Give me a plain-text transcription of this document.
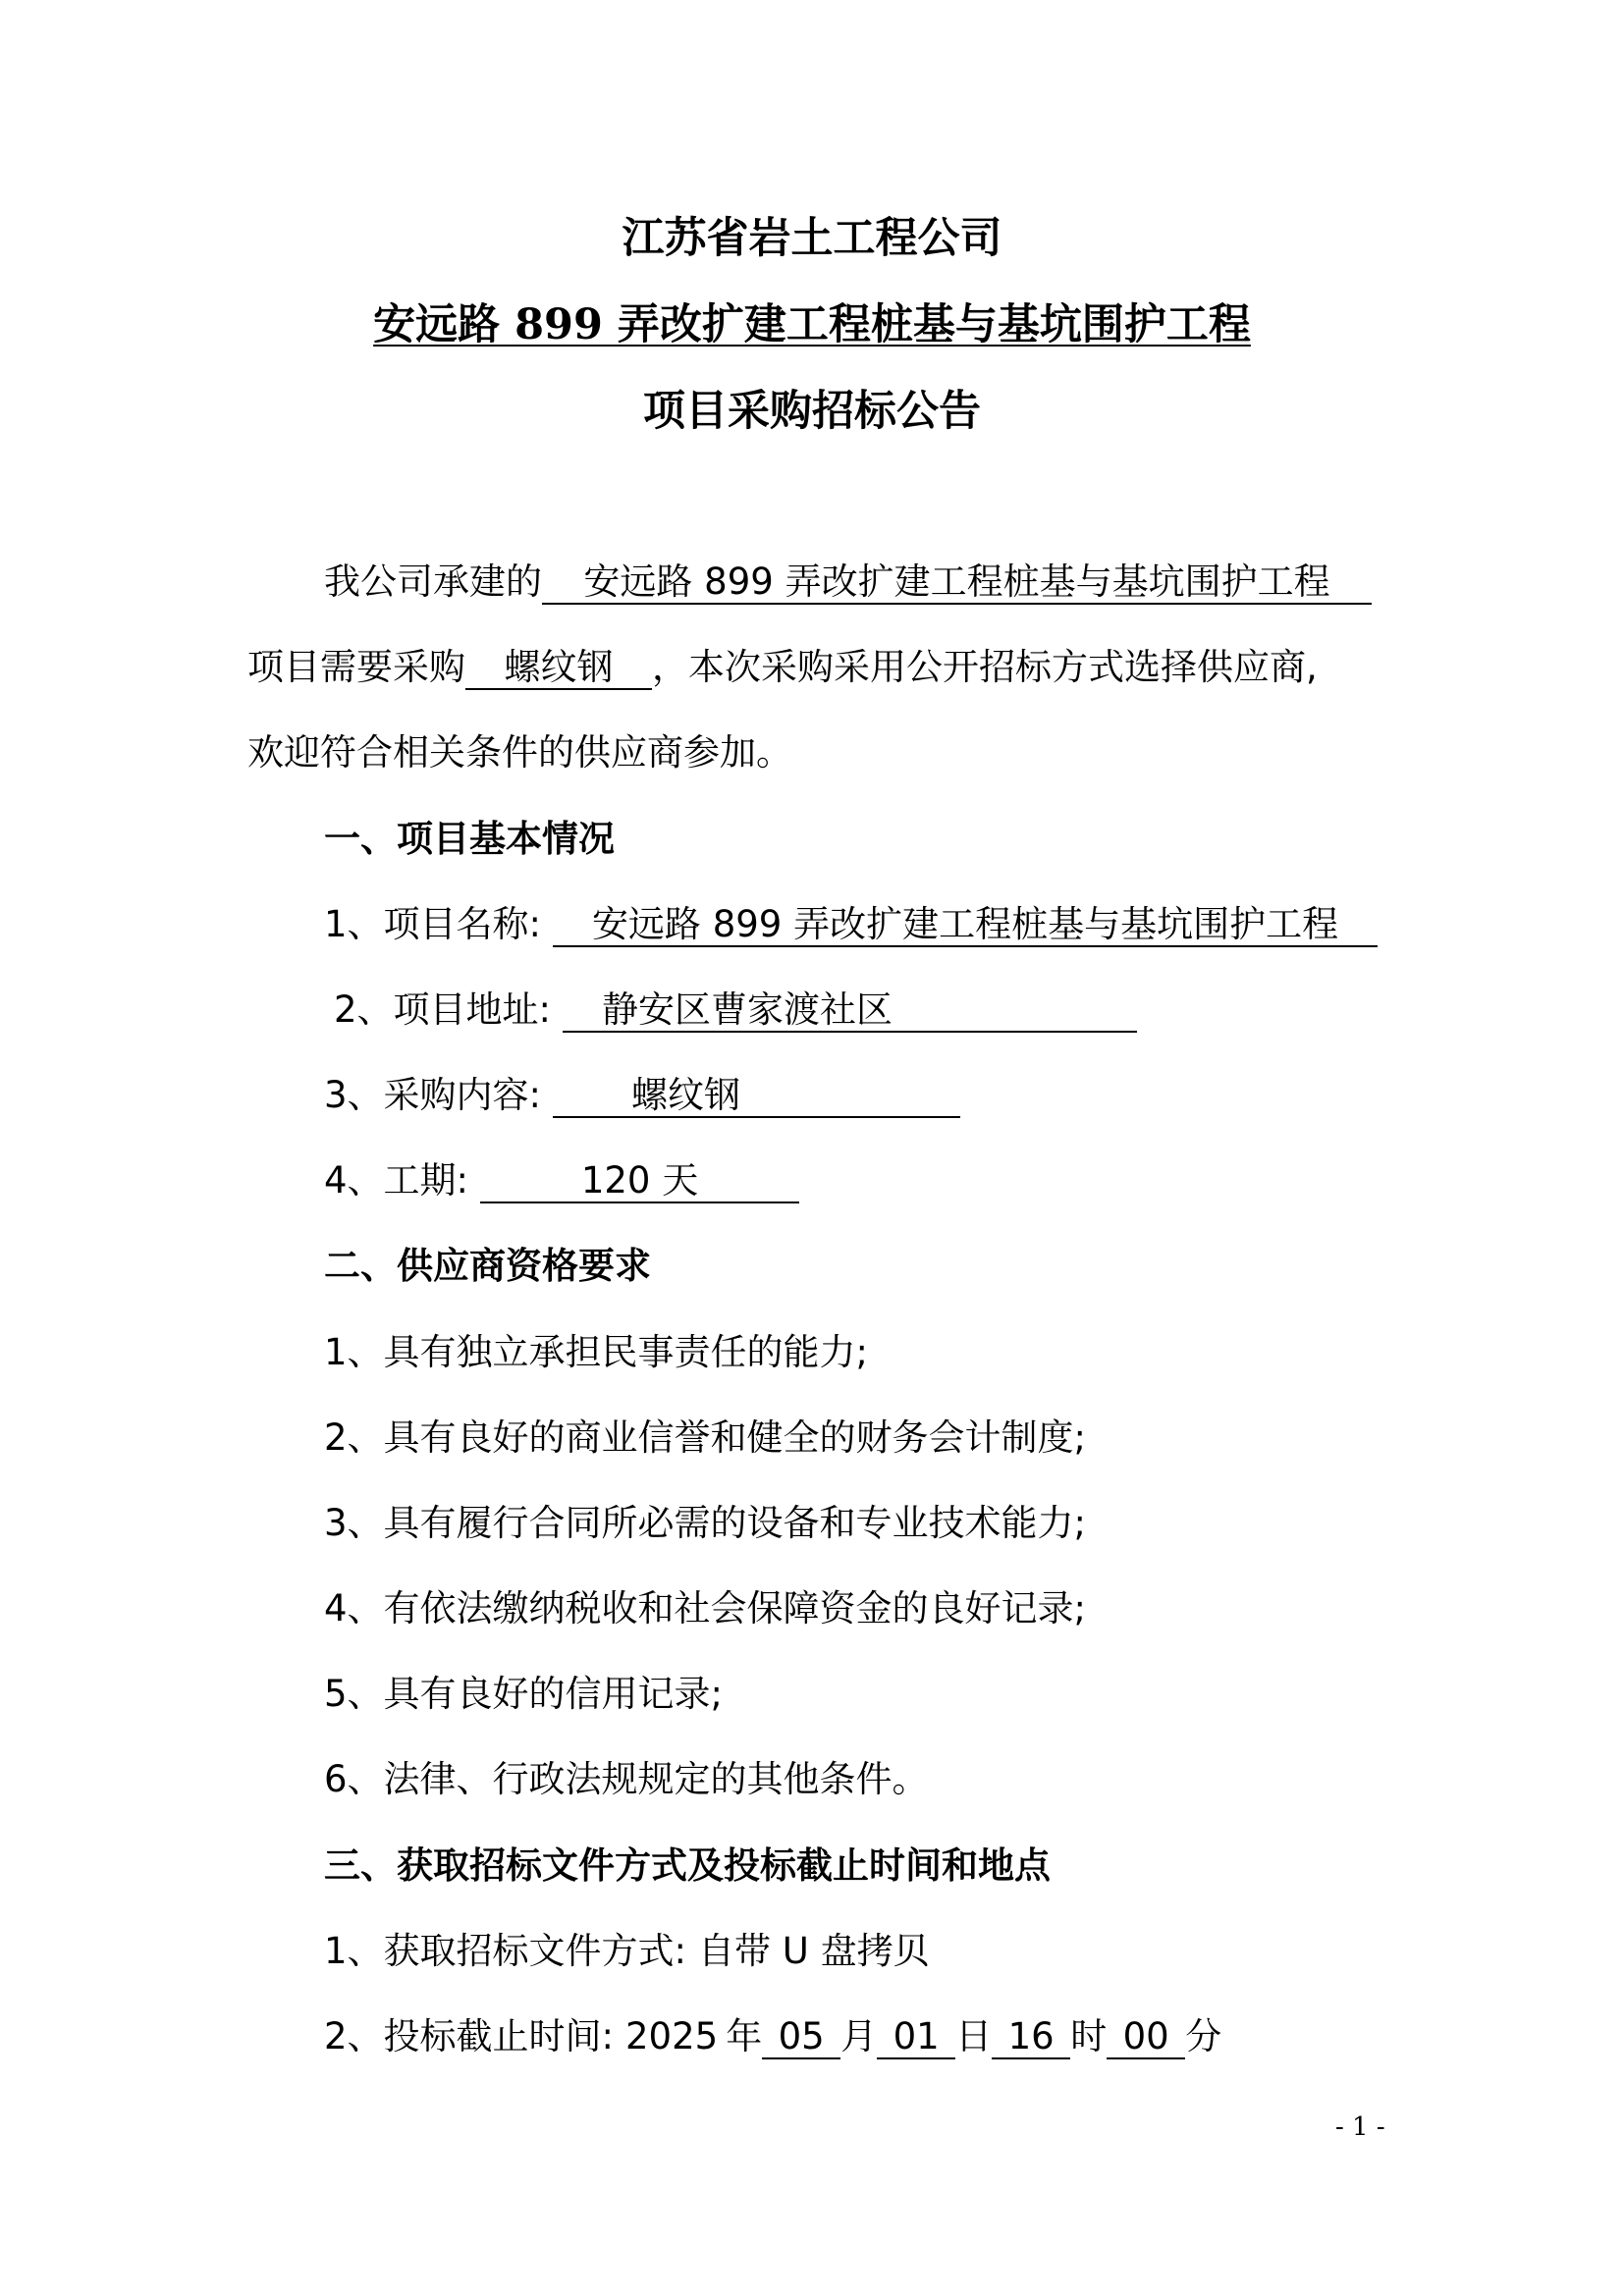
江苏省岩土工程公司
安远路 899 弄改扩建工程桩基与基坑围护工程
项目采购招标公告
我公司承建的 安远路 899 弄改扩建工程桩基与基坑围护工程
项目需要采购 螺纹钢 ，本次采购采用公开招标方式选择供应商,
欢迎符合相关条件的供应商参加。
一、项目基本情况
1、项目名称: 安远路 899 弄改扩建工程桩基与基坑围护工程
2、项目地址: 静安区曹家渡社区
3、采购内容: 螺纹钢
4、工期:	120 天
二、供应商资格要求
1、具有独立承担民事责任的能力;
2、具有良好的商业信誉和健全的财务会计制度;
3、具有履行合同所必需的设备和专业技术能力;
4、有依法缴纳税收和社会保障资金的良好记录;
5、具有良好的信用记录;
6、法律、行政法规规定的其他条件。
三、获取招标文件方式及投标截止时间和地点
1、获取招标文件方式: 自带 U 盘拷贝
2、投标截止时间: 2025 年 05 月 01 日 16 时 00 分
- 1 -
